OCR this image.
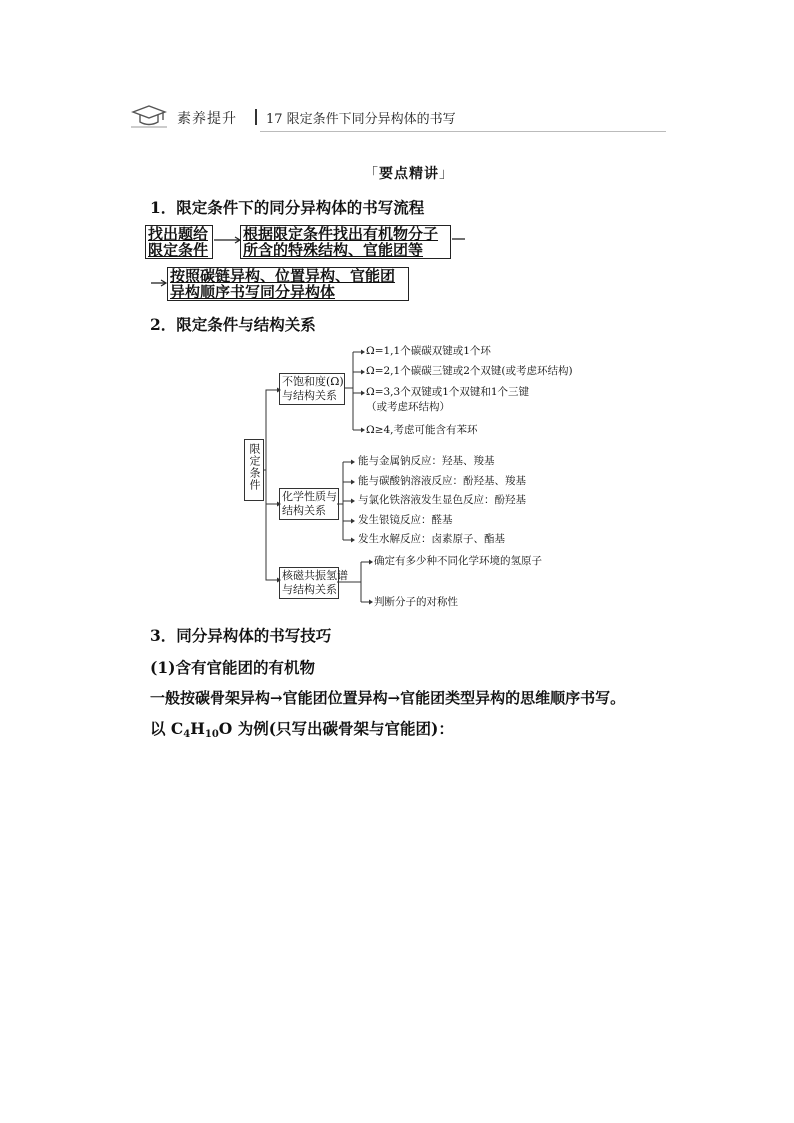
素养提升 17 限定条件下同分异构体的书写
「要点精讲」
1．限定条件下的同分异构体的书写流程
找出题给
限定条件
根据限定条件找出有机物分子
所含的特殊结构、官能团等
按照碳链异构、位置异构、官能团
异构顺序书写同分异构体
2．限定条件与结构关系
限定条件
不饱和度(Ω)
与结构关系
化学性质与
结构关系
核磁共振氢谱
与结构关系
Ω=1,1个碳碳双键或1个环
Ω=2,1个碳碳三键或2个双键(或考虑环结构)
Ω=3,3个双键或1个双键和1个三键
（或考虑环结构）
Ω≥4,考虑可能含有苯环
能与金属钠反应：羟基、羧基
能与碳酸钠溶液反应：酚羟基、羧基
与氯化铁溶液发生显色反应：酚羟基
发生银镜反应：醛基
发生水解反应：卤素原子、酯基
确定有多少种不同化学环境的氢原子
判断分子的对称性
3．同分异构体的书写技巧
(1)含有官能团的有机物
一般按碳骨架异构→官能团位置异构→官能团类型异构的思维顺序书写。
以 $C_4H_{10}O$ 为例(只写出碳骨架与官能团)：
